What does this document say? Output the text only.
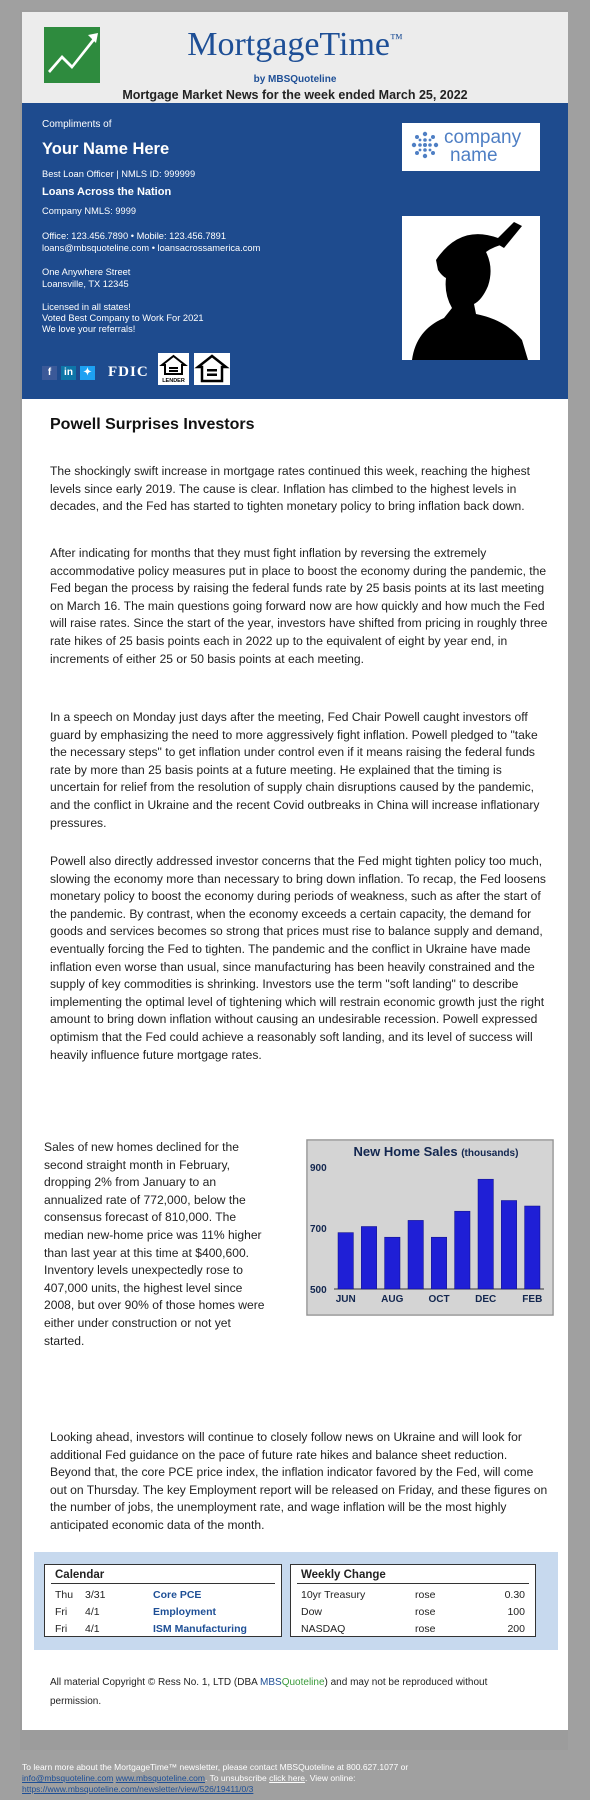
MortgageTime™
by MBSQuoteline
Mortgage Market News for the week ended March 25, 2022
Compliments of
Your Name Here
Best Loan Officer | NMLS ID: 999999
Loans Across the Nation
Company NMLS: 9999
Office: 123.456.7890 • Mobile: 123.456.7891
loans@mbsquoteline.com • loansacrossamerica.com
One Anywhere Street
Loansville, TX 12345
Licensed in all states!
Voted Best Company to Work For 2021
We love your referrals!
company
name
f	in	✦ FDIC
LENDER
Powell Surprises Investors
The shockingly swift increase in mortgage rates continued this week, reaching the highest levels since early 2019. The cause is clear. Inflation has climbed to the highest levels in decades, and the Fed has started to tighten monetary policy to bring inflation back down.
After indicating for months that they must fight inflation by reversing the extremely accommodative policy measures put in place to boost the economy during the pandemic, the Fed began the process by raising the federal funds rate by 25 basis points at its last meeting on March 16. The main questions going forward now are how quickly and how much the Fed will raise rates. Since the start of the year, investors have shifted from pricing in roughly three rate hikes of 25 basis points each in 2022 up to the equivalent of eight by year end, in increments of either 25 or 50 basis points at each meeting.
In a speech on Monday just days after the meeting, Fed Chair Powell caught investors off guard by emphasizing the need to more aggressively fight inflation. Powell pledged to "take the necessary steps" to get inflation under control even if it means raising the federal funds rate by more than 25 basis points at a future meeting. He explained that the timing is uncertain for relief from the resolution of supply chain disruptions caused by the pandemic, and the conflict in Ukraine and the recent Covid outbreaks in China will increase inflationary pressures.
Powell also directly addressed investor concerns that the Fed might tighten policy too much, slowing the economy more than necessary to bring down inflation. To recap, the Fed loosens monetary policy to boost the economy during periods of weakness, such as after the start of the pandemic. By contrast, when the economy exceeds a certain capacity, the demand for goods and services becomes so strong that prices must rise to balance supply and demand, eventually forcing the Fed to tighten. The pandemic and the conflict in Ukraine have made inflation even worse than usual, since manufacturing has been heavily constrained and the supply of key commodities is shrinking. Investors use the term "soft landing" to describe implementing the optimal level of tightening which will restrain economic growth just the right amount to bring down inflation without causing an undesirable recession. Powell expressed optimism that the Fed could achieve a reasonably soft landing, and its level of success will heavily influence future mortgage rates.
Sales of new homes declined for the second straight month in February, dropping 2% from January to an annualized rate of 772,000, below the consensus forecast of 810,000. The median new-home price was 11% higher than last year at this time at $400,600. Inventory levels unexpectedly rose to 407,000 units, the highest level since 2008, but over 90% of those homes were either under construction or not yet started.
New Home Sales (thousands)
900
700
500
JUN	AUG	OCT	DEC	FEB
Looking ahead, investors will continue to closely follow news on Ukraine and will look for additional Fed guidance on the pace of future rate hikes and balance sheet reduction. Beyond that, the core PCE price index, the inflation indicator favored by the Fed, will come out on Thursday. The key Employment report will be released on Friday, and these figures on the number of jobs, the unemployment rate, and wage inflation will be the most highly anticipated economic data of the month.
Calendar
Thu 3/31	Core PCE
Fri 4/1	Employment
Fri 4/1	ISM Manufacturing
Weekly Change
10yr Treasury	rose	0.30
Dow	rose	100
NASDAQ	rose	200
All material Copyright © Ress No. 1, LTD (DBA MBSQuoteline) and may not be reproduced without permission.
To learn more about the MortgageTime™ newsletter, please contact MBSQuoteline at 800.627.1077 or
info@mbsquoteline.com www.mbsquoteline.com. To unsubscribe click here. View online:
https://www.mbsquoteline.com/newsletter/view/526/19411/0/3
